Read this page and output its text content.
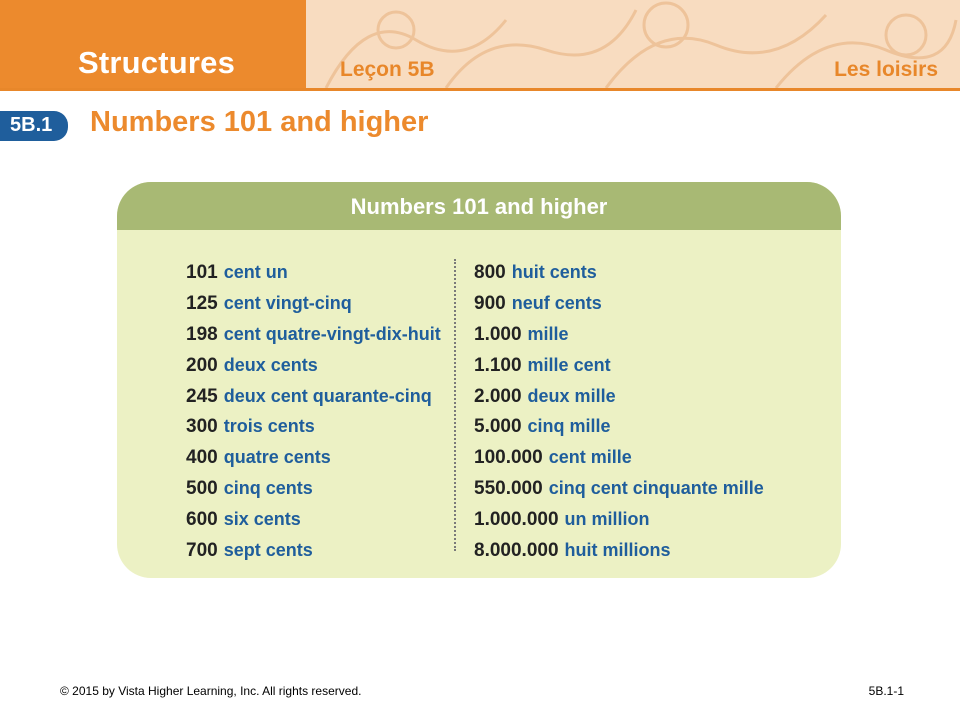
Structures	Leçon 5B	Les loisirs
5B.1 Numbers 101 and higher
Numbers 101 and higher
101 cent un
125 cent vingt-cinq
198 cent quatre-vingt-dix-huit
200 deux cents
245 deux cent quarante-cinq
300 trois cents
400 quatre cents
500 cinq cents
600 six cents
700 sept cents
800 huit cents
900 neuf cents
1.000 mille
1.100 mille cent
2.000 deux mille
5.000 cinq mille
100.000 cent mille
550.000 cinq cent cinquante mille
1.000.000 un million
8.000.000 huit millions
© 2015 by Vista Higher Learning, Inc. All rights reserved.	5B.1-1
